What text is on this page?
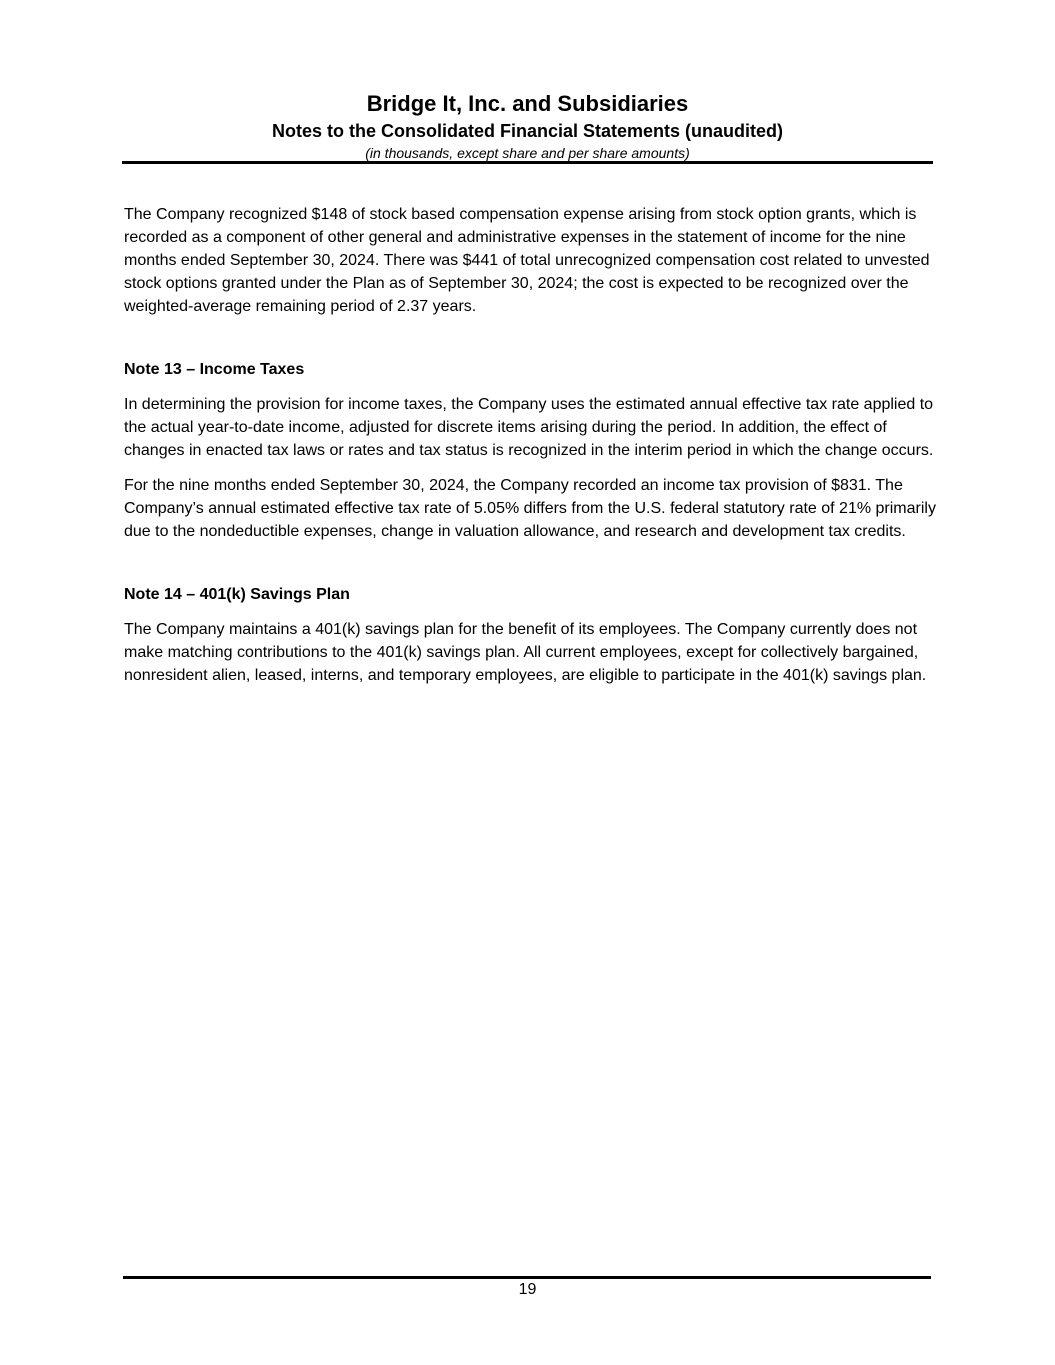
Bridge It, Inc. and Subsidiaries
Notes to the Consolidated Financial Statements (unaudited)
(in thousands, except share and per share amounts)

The Company recognized $148 of stock based compensation expense arising from stock option grants, which is recorded as a component of other general and administrative expenses in the statement of income for the nine months ended September 30, 2024. There was $441 of total unrecognized compensation cost related to unvested stock options granted under the Plan as of September 30, 2024; the cost is expected to be recognized over the weighted-average remaining period of 2.37 years.

Note 13 – Income Taxes

In determining the provision for income taxes, the Company uses the estimated annual effective tax rate applied to the actual year-to-date income, adjusted for discrete items arising during the period. In addition, the effect of changes in enacted tax laws or rates and tax status is recognized in the interim period in which the change occurs.

For the nine months ended September 30, 2024, the Company recorded an income tax provision of $831. The Company’s annual estimated effective tax rate of 5.05% differs from the U.S. federal statutory rate of 21% primarily due to the nondeductible expenses, change in valuation allowance, and research and development tax credits.

Note 14 – 401(k) Savings Plan

The Company maintains a 401(k) savings plan for the benefit of its employees. The Company currently does not make matching contributions to the 401(k) savings plan. All current employees, except for collectively bargained, nonresident alien, leased, interns, and temporary employees, are eligible to participate in the 401(k) savings plan.

19
